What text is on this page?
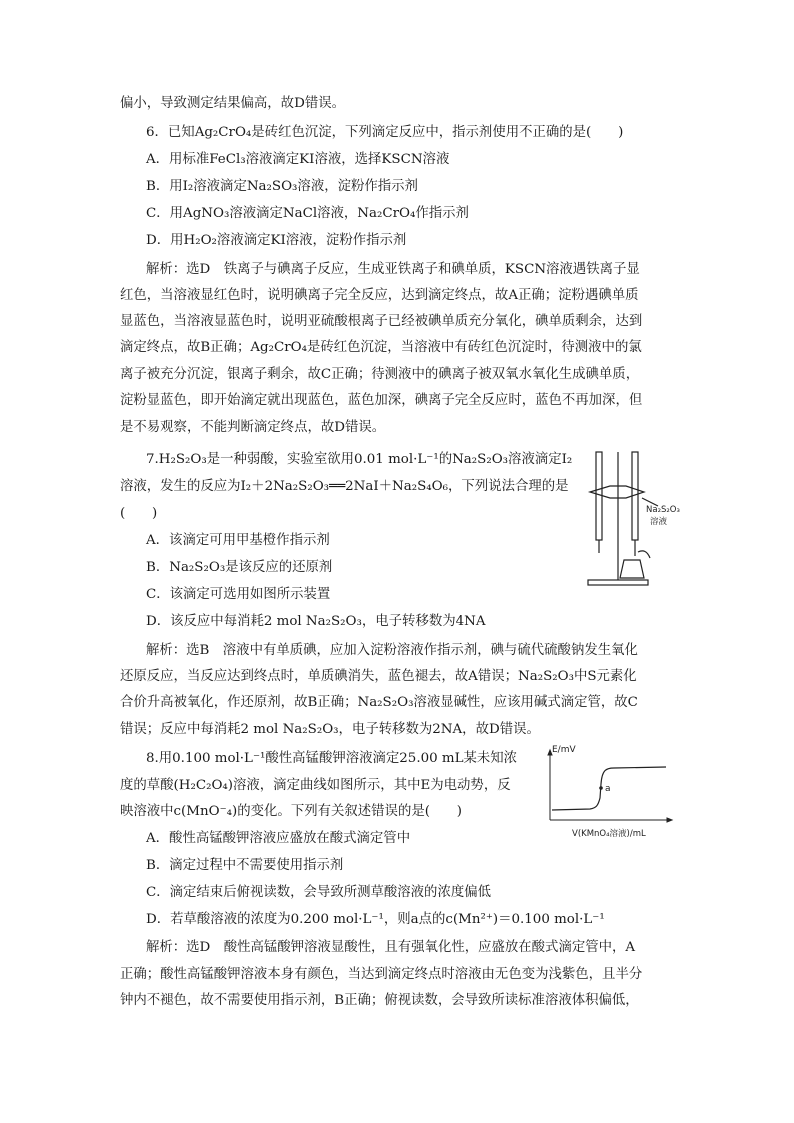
偏小，导致测定结果偏高，故D错误。
6．已知Ag₂CrO₄是砖红色沉淀，下列滴定反应中，指示剂使用不正确的是(　　)
A．用标准FeCl₃溶液滴定KI溶液，选择KSCN溶液
B．用I₂溶液滴定Na₂SO₃溶液，淀粉作指示剂
C．用AgNO₃溶液滴定NaCl溶液，Na₂CrO₄作指示剂
D．用H₂O₂溶液滴定KI溶液，淀粉作指示剂
解析：选D　铁离子与碘离子反应，生成亚铁离子和碘单质，KSCN溶液遇铁离子显
红色，当溶液显红色时，说明碘离子完全反应，达到滴定终点，故A正确；淀粉遇碘单质
显蓝色，当溶液显蓝色时，说明亚硫酸根离子已经被碘单质充分氧化，碘单质剩余，达到
滴定终点，故B正确；Ag₂CrO₄是砖红色沉淀，当溶液中有砖红色沉淀时，待测液中的氯
离子被充分沉淀，银离子剩余，故C正确；待测液中的碘离子被双氧水氧化生成碘单质，
淀粉显蓝色，即开始滴定就出现蓝色，蓝色加深，碘离子完全反应时，蓝色不再加深，但
是不易观察，不能判断滴定终点，故D错误。
7.H₂S₂O₃是一种弱酸，实验室欲用0.01 mol·L⁻¹的Na₂S₂O₃溶液滴定I₂
溶液，发生的反应为I₂＋2Na₂S₂O₃══2NaI＋Na₂S₄O₆，下列说法合理的是
(　　)
A．该滴定可用甲基橙作指示剂
B．Na₂S₂O₃是该反应的还原剂
C．该滴定可选用如图所示装置
D．该反应中每消耗2 mol Na₂S₂O₃，电子转移数为4NA
解析：选B　溶液中有单质碘，应加入淀粉溶液作指示剂，碘与硫代硫酸钠发生氧化
还原反应，当反应达到终点时，单质碘消失，蓝色褪去，故A错误；Na₂S₂O₃中S元素化
合价升高被氧化，作还原剂，故B正确；Na₂S₂O₃溶液显碱性，应该用碱式滴定管，故C
错误；反应中每消耗2 mol Na₂S₂O₃，电子转移数为2NA，故D错误。
8.用0.100 mol·L⁻¹酸性高锰酸钾溶液滴定25.00 mL某未知浓
度的草酸(H₂C₂O₄)溶液，滴定曲线如图所示，其中E为电动势，反
映溶液中c(MnO⁻₄)的变化。下列有关叙述错误的是(　　)
A．酸性高锰酸钾溶液应盛放在酸式滴定管中
B．滴定过程中不需要使用指示剂
C．滴定结束后俯视读数，会导致所测草酸溶液的浓度偏低
D．若草酸溶液的浓度为0.200 mol·L⁻¹，则a点的c(Mn²⁺)＝0.100 mol·L⁻¹
解析：选D　酸性高锰酸钾溶液显酸性，且有强氧化性，应盛放在酸式滴定管中，A
正确；酸性高锰酸钾溶液本身有颜色，当达到滴定终点时溶液由无色变为浅紫色，且半分
钟内不褪色，故不需要使用指示剂，B正确；俯视读数，会导致所读标准溶液体积偏低，
Na₂S₂O₃
溶液
a
E/mV
V(KMnO₄溶液)/mL
